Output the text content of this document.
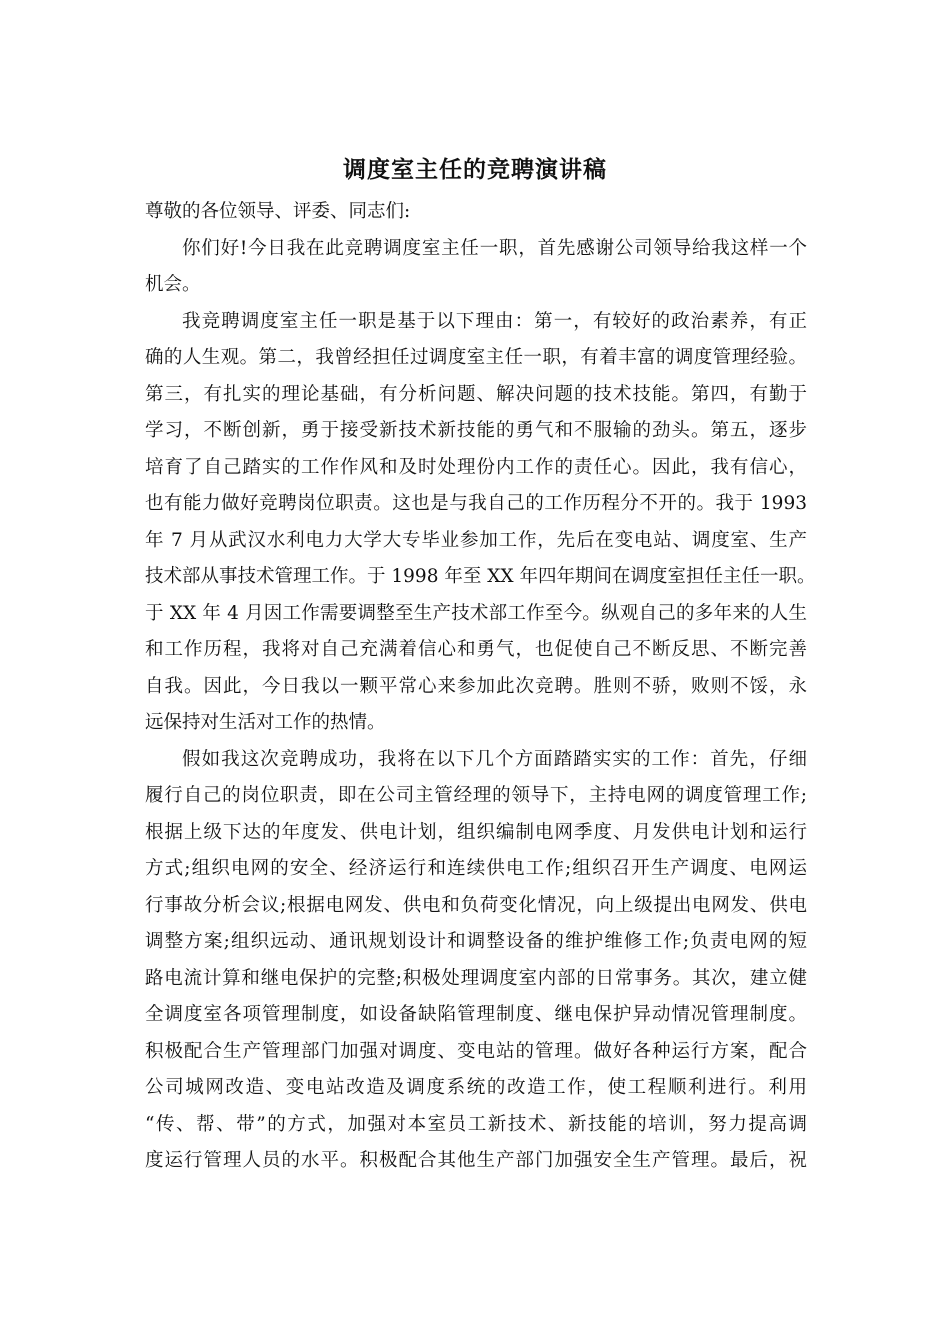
调度室主任的竞聘演讲稿

尊敬的各位领导、评委、同志们:

你们好!今日我在此竞聘调度室主任一职，首先感谢公司领导给我这样一个
机会。

我竞聘调度室主任一职是基于以下理由：第一，有较好的政治素养，有正
确的人生观。第二，我曾经担任过调度室主任一职，有着丰富的调度管理经验。
第三，有扎实的理论基础，有分析问题、解决问题的技术技能。第四，有勤于
学习，不断创新，勇于接受新技术新技能的勇气和不服输的劲头。第五，逐步
培育了自己踏实的工作作风和及时处理份内工作的责任心。因此，我有信心，
也有能力做好竞聘岗位职责。这也是与我自己的工作历程分不开的。我于 1993
年 7 月从武汉水利电力大学大专毕业参加工作，先后在变电站、调度室、生产
技术部从事技术管理工作。于 1998 年至 XX 年四年期间在调度室担任主任一职。
于 XX 年 4 月因工作需要调整至生产技术部工作至今。纵观自己的多年来的人生
和工作历程，我将对自己充满着信心和勇气，也促使自己不断反思、不断完善
自我。因此，今日我以一颗平常心来参加此次竞聘。胜则不骄，败则不馁，永
远保持对生活对工作的热情。

假如我这次竞聘成功，我将在以下几个方面踏踏实实的工作：首先，仔细
履行自己的岗位职责，即在公司主管经理的领导下，主持电网的调度管理工作;
根据上级下达的年度发、供电计划，组织编制电网季度、月发供电计划和运行
方式;组织电网的安全、经济运行和连续供电工作;组织召开生产调度、电网运
行事故分析会议;根据电网发、供电和负荷变化情况，向上级提出电网发、供电
调整方案;组织远动、通讯规划设计和调整设备的维护维修工作;负责电网的短
路电流计算和继电保护的完整;积极处理调度室内部的日常事务。其次，建立健
全调度室各项管理制度，如设备缺陷管理制度、继电保护异动情况管理制度。
积极配合生产管理部门加强对调度、变电站的管理。做好各种运行方案，配合
公司城网改造、变电站改造及调度系统的改造工作，使工程顺利进行。利用
“传、帮、带”的方式，加强对本室员工新技术、新技能的培训，努力提高调
度运行管理人员的水平。积极配合其他生产部门加强安全生产管理。最后，祝
